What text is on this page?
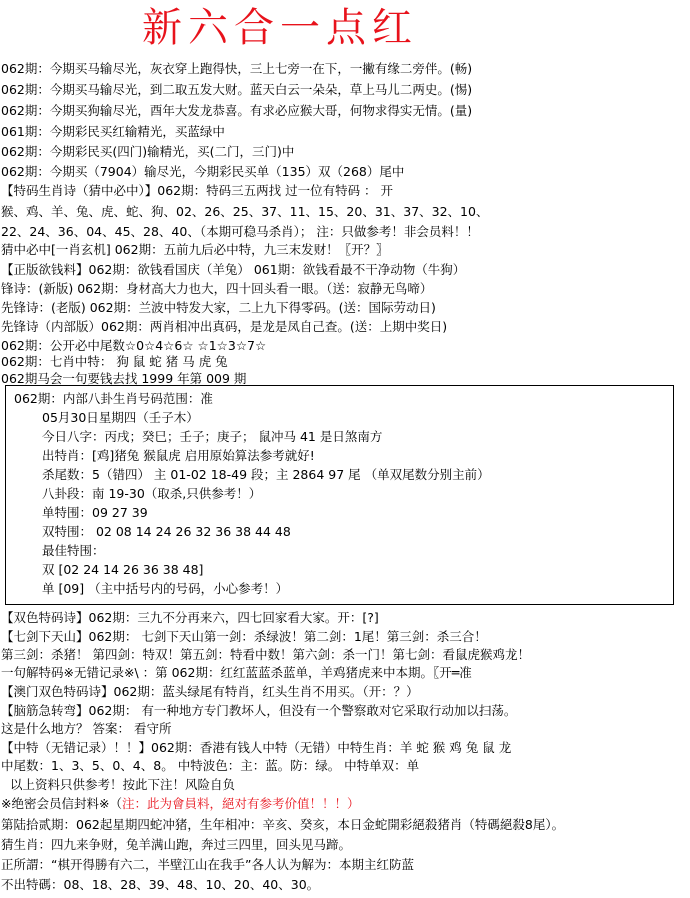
新六合一点红
062期：今期买马输尽光，灰衣穿上跑得快，三上七旁一在下，一撇有缘二旁伴。(畅)
062期：今期买马输尽光，到二取五发大财。蓝天白云一朵朵，草上马儿二两史。(惕)
062期：今期买狗输尽光，酉年大发龙恭喜。有求必应猴大哥，何物求得实无情。(量)
061期：今期彩民买红输精光，买蓝绿中
062期：今期彩民买(四门)输精光，买(二门，三门)中
062期：今期买（7904）输尽光，今期彩民买单（135）双（268）尾中
【特码生肖诗（猜中必中）】062期：特码三五两找 过一位有特码 ： 开
猴、鸡、羊、兔、虎、蛇、狗、02、26、25、37、11、15、20、31、37、32、10、
22、24、36、04、45、28、40、（本期可稳马杀肖）； 注：只做参考！非会员料！！
猜中必中[一肖玄机] 062期：五前九后必中特，九三末发财！〖开？〗
【正版欲钱料】062期：欲钱看国庆（羊兔） 061期：欲钱看最不干净动物（牛狗）
锋诗：(新版) 062期：身材高大力也大，四十回头看一眼。（送：寂静无鸟啼）
先锋诗：(老版) 062期：兰波中特发大家，二上九下得零码。(送：国际劳动日)
先锋诗（内部版）062期：两肖相冲出真码，是龙是凤自己查。(送：上期中奖日)
062期：公开必中尾数☆0☆4☆6☆ ☆1☆3☆7☆
062期：七肖中特： 狗 鼠 蛇 猪 马 虎 兔
062期马会一句要钱去找 1999 年第 009 期
062期：内部八卦生肖号码范围：准
05月30日星期四（壬子木）
今日八字：丙戌；癸巳；壬子；庚子； 鼠冲马 41 是日煞南方
出特肖：[鸡]猪兔 猴鼠虎 启用原始算法参考就好!
杀尾数：5（错四） 主 01-02 18-49 段；主 2864 97 尾 （单双尾数分别主前）
八卦段：南 19-30（取杀,只供参考！）
单特围：09 27 39
双特围： 02 08 14 24 26 32 36 38 44 48
最佳特围：
双 [02 24 14 26 36 38 48]
单 [09] （主中括号内的号码，小心参考！）
【双色特码诗】062期：三九不分再来六，四七回家看大家。开：[?]
【七剑下天山】062期： 七剑下天山第一剑：杀绿波！第二剑：1尾！第三剑：杀三合！
第三剑：杀猪！ 第四剑：特双！第五剑：特看中数！第六剑：杀一门！第七剑：看鼠虎猴鸡龙！
一句解特码※无错记录※\ ：第 062期：红红蓝蓝杀蓝单，羊鸡猪虎来中本期。〖开═准
【澳门双色特码诗】062期：蓝头绿尾有特肖，红头生肖不用买。（开：？）
【脑筋急转弯】062期： 有一种地方专门教坏人，但没有一个警察敢对它采取行动加以扫荡。
这是什么地方？ 答案： 看守所
【中特（无错记录）！！】062期：香港有钱人中特（无错）中特生肖：羊 蛇 猴 鸡 兔 鼠 龙
中尾数：1、3、5、0、4、8。 中特波色：主：蓝。防：绿。 中特单双：单
以上资料只供参考！按此下注！风险自负
※绝密会员信封料※（注：此为會員料，絕对有参考价值！！！）
第陆拾贰期：062起星期四蛇冲猪，生年相冲：辛亥、癸亥，本日金蛇開彩絕殺猪肖（特碼絕殺8尾）。
猜生肖：四九来争财，兔羊满山跑，奔过三四里，回头见马蹄。
正所謂：“棋开得勝有六二，半壁江山在我手”各人认为解为：本期主红防蓝
不出特碼：08、18、28、39、48、10、20、40、30。
